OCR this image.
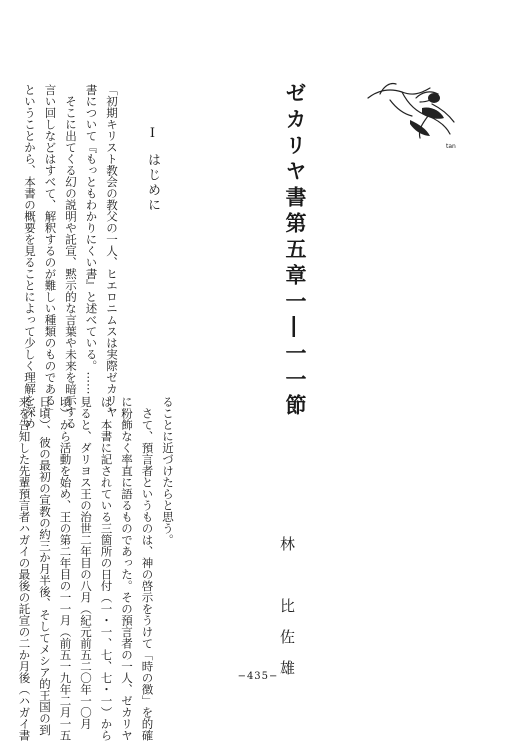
ゼカリヤ書第五章一―一一節	tan
林　比佐雄
Ⅰはじめに
「初期キリスト教会の教父の一人、ヒエロニムスは実際ゼカリヤ
書について『もっともわかりにくい書』と述べている。……
　そこに出てくる幻の説明や託宣、黙示的な言葉や未来を暗示する
言い回しなどはすべて、解釈するのが難しい種類のものである」
ということから、本書の概要を見ることによって少しく理解を深め
ることに近づけたらと思う。
　さて、預言者というものは、神の啓示をうけて「時の徴」を的確
に粉飾なく率直に語るものであった。その預言者の一人、ゼカリヤ
は、本書に記されている三箇所の日付（一・一、七、七・一）から
見ると、ダリヨス王の治世二年目の八月（紀元前五二〇年一〇月
頃）から活動を始め、王の第二年目の一一月（前五一九年二月一五
日頃）、彼の最初の宣教の約三か月半後、そしてメシア的王国の到
来を告知した先輩預言者ハガイの最後の託宣の二か月後（ハガイ書	−435−
